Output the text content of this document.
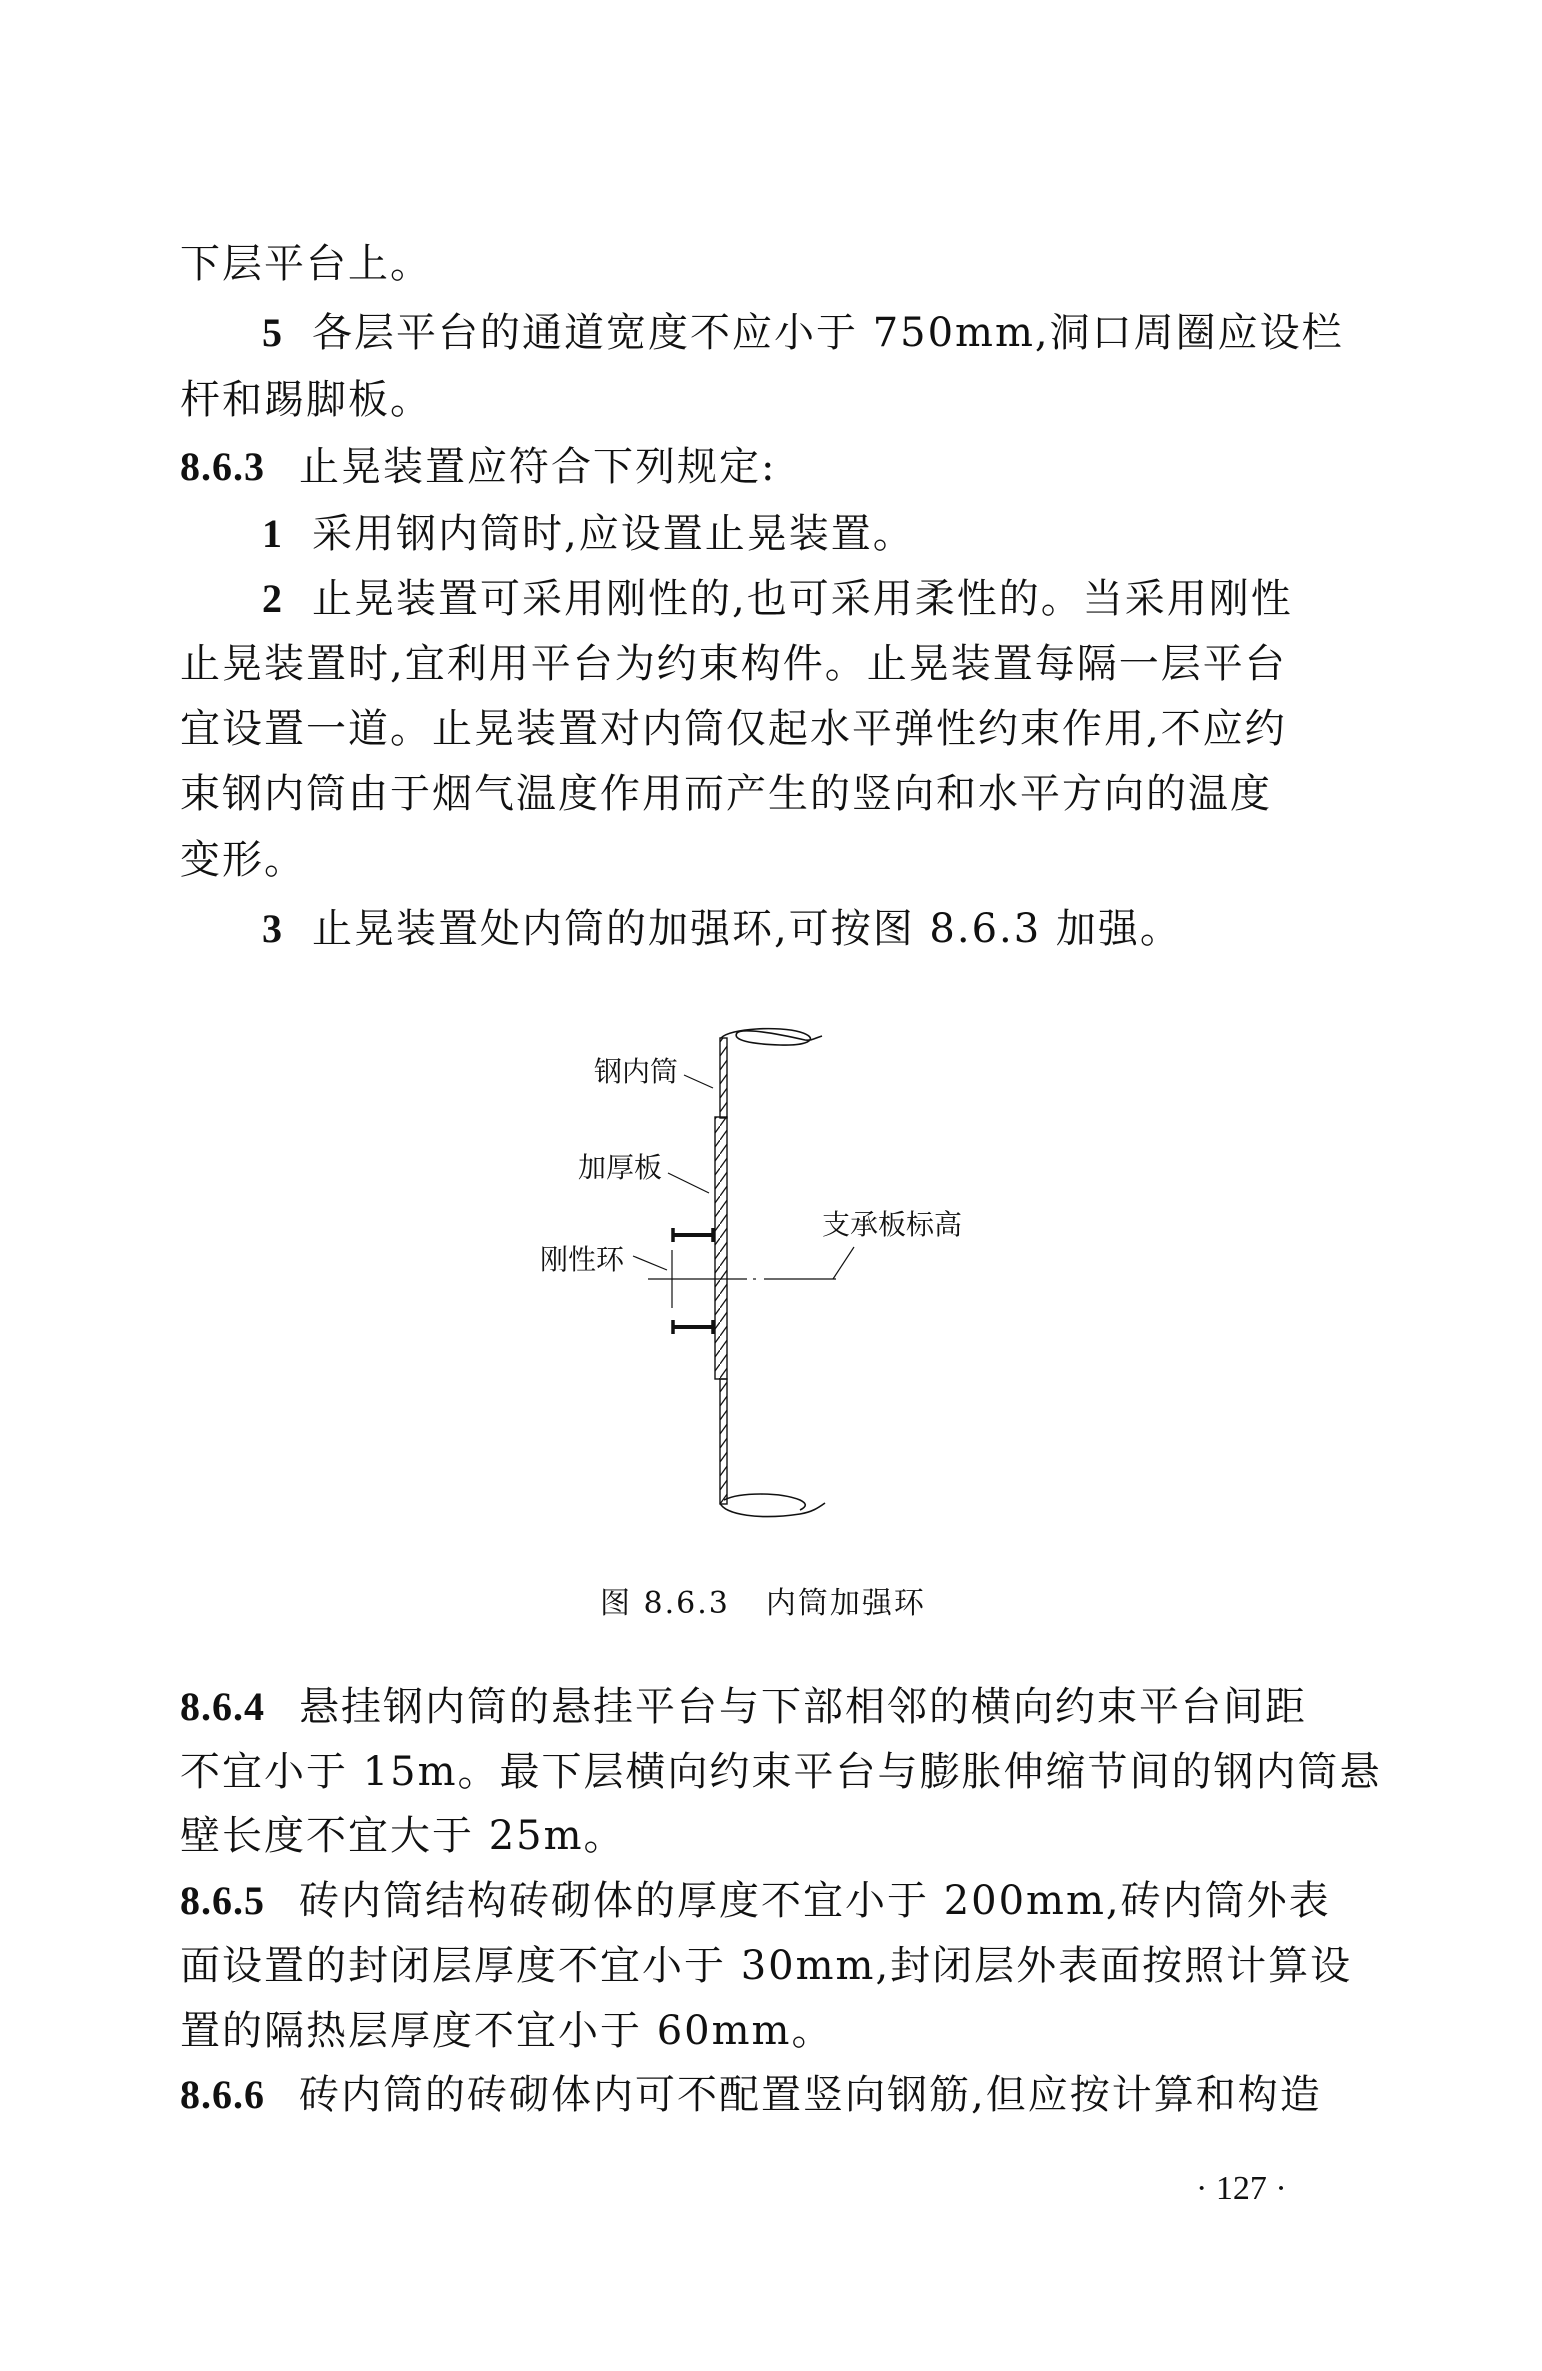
下层平台上。
5 各层平台的通道宽度不应小于 750mm,洞口周圈应设栏
杆和踢脚板。
8.6.3 止晃装置应符合下列规定:
1 采用钢内筒时,应设置止晃装置。
2 止晃装置可采用刚性的,也可采用柔性的。当采用刚性
止晃装置时,宜利用平台为约束构件。止晃装置每隔一层平台
宜设置一道。止晃装置对内筒仅起水平弹性约束作用,不应约
束钢内筒由于烟气温度作用而产生的竖向和水平方向的温度
变形。
3 止晃装置处内筒的加强环,可按图 8.6.3 加强。
钢内筒
加厚板
刚性环
支承板标高
图 8.6.3 内筒加强环
8.6.4 悬挂钢内筒的悬挂平台与下部相邻的横向约束平台间距
不宜小于 15m。最下层横向约束平台与膨胀伸缩节间的钢内筒悬
壁长度不宜大于 25m。
8.6.5 砖内筒结构砖砌体的厚度不宜小于 200mm,砖内筒外表
面设置的封闭层厚度不宜小于 30mm,封闭层外表面按照计算设
置的隔热层厚度不宜小于 60mm。
8.6.6 砖内筒的砖砌体内可不配置竖向钢筋,但应按计算和构造
· 127 ·
